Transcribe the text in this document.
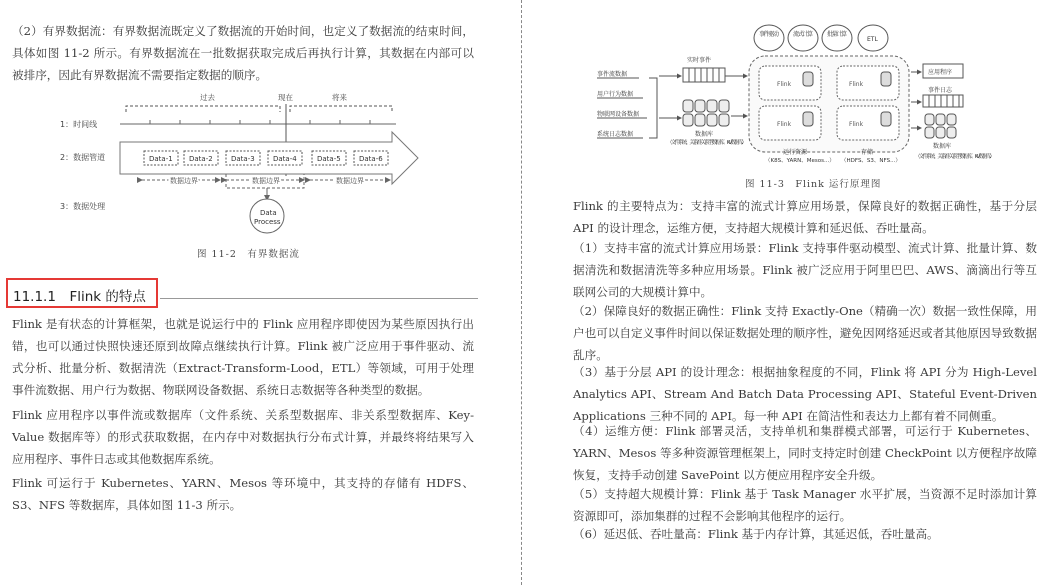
（2）有界数据流：有界数据流既定义了数据流的开始时间，也定义了数据流的结束时间，具体如图 11-2 所示。有界数据流在一批数据获取完成后再执行计算，其数据在内部可以被排序，因此有界数据流不需要指定数据的顺序。

1：时间线
2：数据管道
3：数据处理
过去	现在	将来
Data-1 Data-2	Data-3	Data-4	Data-5	Data-6
数据边界	数据边界	数据边界
Data
Process
图 11-2　有界数据流
11.1.1　Flink 的特点

Flink 是有状态的计算框架，也就是说运行中的 Flink 应用程序即使因为某些原因执行出错，也可以通过快照快速还原到故障点继续执行计算。Flink 被广泛应用于事件驱动、流式分析、批量分析、数据清洗（Extract-Transform-Lood，ETL）等领域，可用于处理事件流数据、用户行为数据、物联网设备数据、系统日志数据等各种类型的数据。

Flink 应用程序以事件流或数据库（文件系统、关系型数据库、非关系型数据库、Key-Value 数据库等）的形式获取数据，在内存中对数据执行分布式计算，并最终将结果写入应用程序、事件日志或其他数据库系统。

Flink 可运行于 Kubernetes、YARN、Mesos 等环境中，其支持的存储有 HDFS、S3、NFS 等数据库，具体如图 11-3 所示。

事件驱动 流式计算 批量计算
ETL
事件流数据
用户行为数据
物联网设备数据
系统日志数据
实时事件
数据库
（文件系统、关系/非关系型数据库、KV数据库...）
Flink	Flink
Flink	Flink
运行资源
（K8S、YARN、Mesos...）
存储
（HDFS、S3、NFS...）
应用程序
事件日志
数据库
（文件系统、关系/非关系型数据库、KV数据库...）
图 11-3　Flink 运行原理图

Flink 的主要特点为：支持丰富的流式计算应用场景，保障良好的数据正确性，基于分层 API 的设计理念，运维方便，支持超大规模计算和延迟低、吞吐量高。

（1）支持丰富的流式计算应用场景：Flink 支持事件驱动模型、流式计算、批量计算、数据清洗和数据清洗等多种应用场景。Flink 被广泛应用于阿里巴巴、AWS、滴滴出行等互联网公司的大规模计算中。

（2）保障良好的数据正确性：Flink 支持 Exactly-One（精确一次）数据一致性保障，用户也可以自定义事件时间以保证数据处理的顺序性，避免因网络延迟或者其他原因导致数据乱序。

（3）基于分层 API 的设计理念：根据抽象程度的不同，Flink 将 API 分为 High-Level Analytics API、Stream And Batch Data Processing API、Stateful Event-Driven Applications 三种不同的 API。每一种 API 在简洁性和表达力上都有着不同侧重。

（4）运维方便：Flink 部署灵活，支持单机和集群模式部署，可运行于 Kubernetes、YARN、Mesos 等多种资源管理框架上，同时支持定时创建 CheckPoint 以方便程序故障恢复，支持手动创建 SavePoint 以方便应用程序安全升级。

（5）支持超大规模计算：Flink 基于 Task Manager 水平扩展，当资源不足时添加计算资源即可，添加集群的过程不会影响其他程序的运行。

（6）延迟低、吞吐量高：Flink 基于内存计算，其延迟低，吞吐量高。
